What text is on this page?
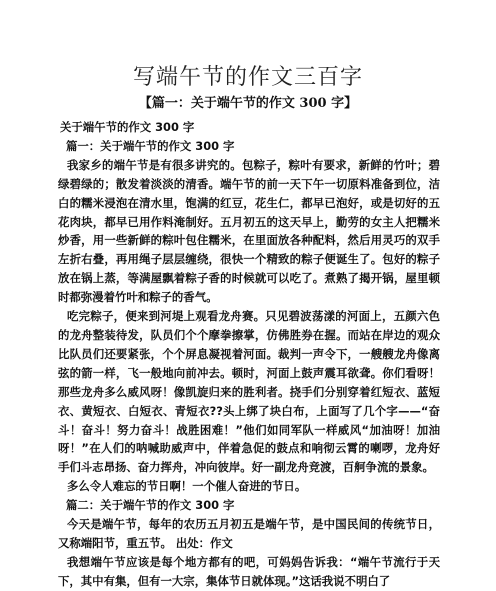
写端午节的作文三百字
【篇一：关于端午节的作文 300 字】

关于端午节的作文 300 字

篇一：关于端午节的作文 300 字

我家乡的端午节是有很多讲究的。包粽子，粽叶有要求，新鲜的竹叶；碧绿碧绿的；散发着淡淡的清香。端午节的前一天下午一切原料准备到位，洁白的糯米浸泡在清水里，饱满的红豆，花生仁，都早已泡好，或是切好的五花肉块，都早已用作料淹制好。五月初五的这天早上，勤劳的女主人把糯米炒香，用一些新鲜的粽叶包住糯米，在里面放各种配料，然后用灵巧的双手左折右叠，再用绳子层层缠绕，很快一个精致的粽子便诞生了。包好的粽子放在锅上蒸，等满屋飘着粽子香的时候就可以吃了。煮熟了揭开锅，屋里顿时都弥漫着竹叶和粽子的香气。

吃完粽子，便来到河堤上观看龙舟赛。只见碧波荡漾的河面上，五颜六色的龙舟整装待发，队员们个个摩拳擦掌，仿佛胜券在握。而站在岸边的观众比队员们还要紧张，个个屏息凝视着河面。裁判一声令下，一艘艘龙舟像离弦的箭一样，飞一般地向前冲去。顿时，河面上鼓声震耳欲聋。你们看呀！那些龙舟多么威风呀！像凯旋归来的胜利者。挠手们分别穿着红短衣、蓝短衣、黄短衣、白短衣、青短衣??头上绑了块白布，上面写了几个字——“奋斗！奋斗！努力奋斗！战胜困难！”他们如同军队一样威风“加油呀！加油呀！”在人们的呐喊助威声中，伴着急促的鼓点和响彻云霄的喇啰，龙舟好手们斗志昂扬、奋力挥舟，冲向彼岸。好一副龙舟竞渡，百舸争流的景象。

多么令人难忘的节日啊！一个催人奋进的节日。

篇二：关于端午节的作文 300 字

今天是端午节，每年的农历五月初五是端午节，是中国民间的传统节日，又称端阳节，重五节。 出处：作文

我想端午节应该是每个地方都有的吧，可妈妈告诉我：“端午节流行于天下，其中有集，但有一大宗，集体节日就体现。”这话我说不明白了
